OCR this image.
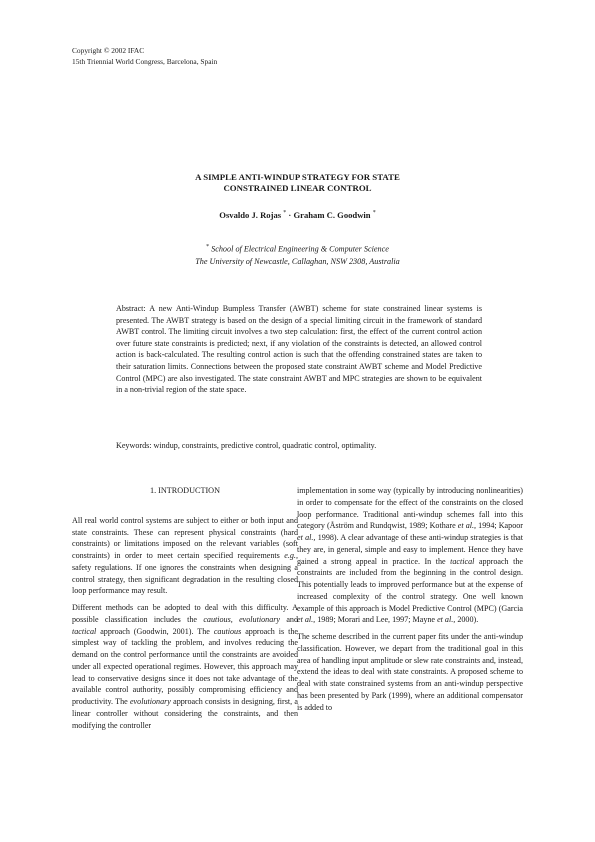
Copyright © 2002 IFAC
15th Triennial World Congress, Barcelona, Spain
A SIMPLE ANTI-WINDUP STRATEGY FOR STATE
CONSTRAINED LINEAR CONTROL
Osvaldo J. Rojas * · Graham C. Goodwin *
* School of Electrical Engineering & Computer Science
The University of Newcastle, Callaghan, NSW 2308, Australia
Abstract: A new Anti-Windup Bumpless Transfer (AWBT) scheme for state constrained linear systems is presented. The AWBT strategy is based on the design of a special limiting circuit in the framework of standard AWBT control. The limiting circuit involves a two step calculation: first, the effect of the current control action over future state constraints is predicted; next, if any violation of the constraints is detected, an allowed control action is back-calculated. The resulting control action is such that the offending constrained states are taken to their saturation limits. Connections between the proposed state constraint AWBT scheme and Model Predictive Control (MPC) are also investigated. The state constraint AWBT and MPC strategies are shown to be equivalent in a non-trivial region of the state space.
Keywords: windup, constraints, predictive control, quadratic control, optimality.
1. INTRODUCTION

All real world control systems are subject to either or both input and state constraints. These can represent physical constraints (hard constraints) or limitations imposed on the relevant variables (soft constraints) in order to meet certain specified requirements e.g., safety regulations. If one ignores the constraints when designing a control strategy, then significant degradation in the resulting closed loop performance may result.

Different methods can be adopted to deal with this difficulty. A possible classification includes the cautious, evolutionary and tactical approach (Goodwin, 2001). The cautious approach is the simplest way of tackling the problem, and involves reducing the demand on the control performance until the constraints are avoided under all expected operational regimes. However, this approach may lead to conservative designs since it does not take advantage of the available control authority, possibly compromising efficiency and productivity. The evolutionary approach consists in designing, first, a linear controller without considering the constraints, and then modifying the controller

implementation in some way (typically by introducing nonlinearities) in order to compensate for the effect of the constraints on the closed loop performance. Traditional anti-windup schemes fall into this category (Åström and Rundqwist, 1989; Kothare et al., 1994; Kapoor et al., 1998). A clear advantage of these anti-windup strategies is that they are, in general, simple and easy to implement. Hence they have gained a strong appeal in practice. In the tactical approach the constraints are included from the beginning in the control design. This potentially leads to improved performance but at the expense of increased complexity of the control strategy. One well known example of this approach is Model Predictive Control (MPC) (Garcia et al., 1989; Morari and Lee, 1997; Mayne et al., 2000).

The scheme described in the current paper fits under the anti-windup classification. However, we depart from the traditional goal in this area of handling input amplitude or slew rate constraints and, instead, extend the ideas to deal with state constraints. A proposed scheme to deal with state constrained systems from an anti-windup perspective has been presented by Park (1999), where an additional compensator is added to
